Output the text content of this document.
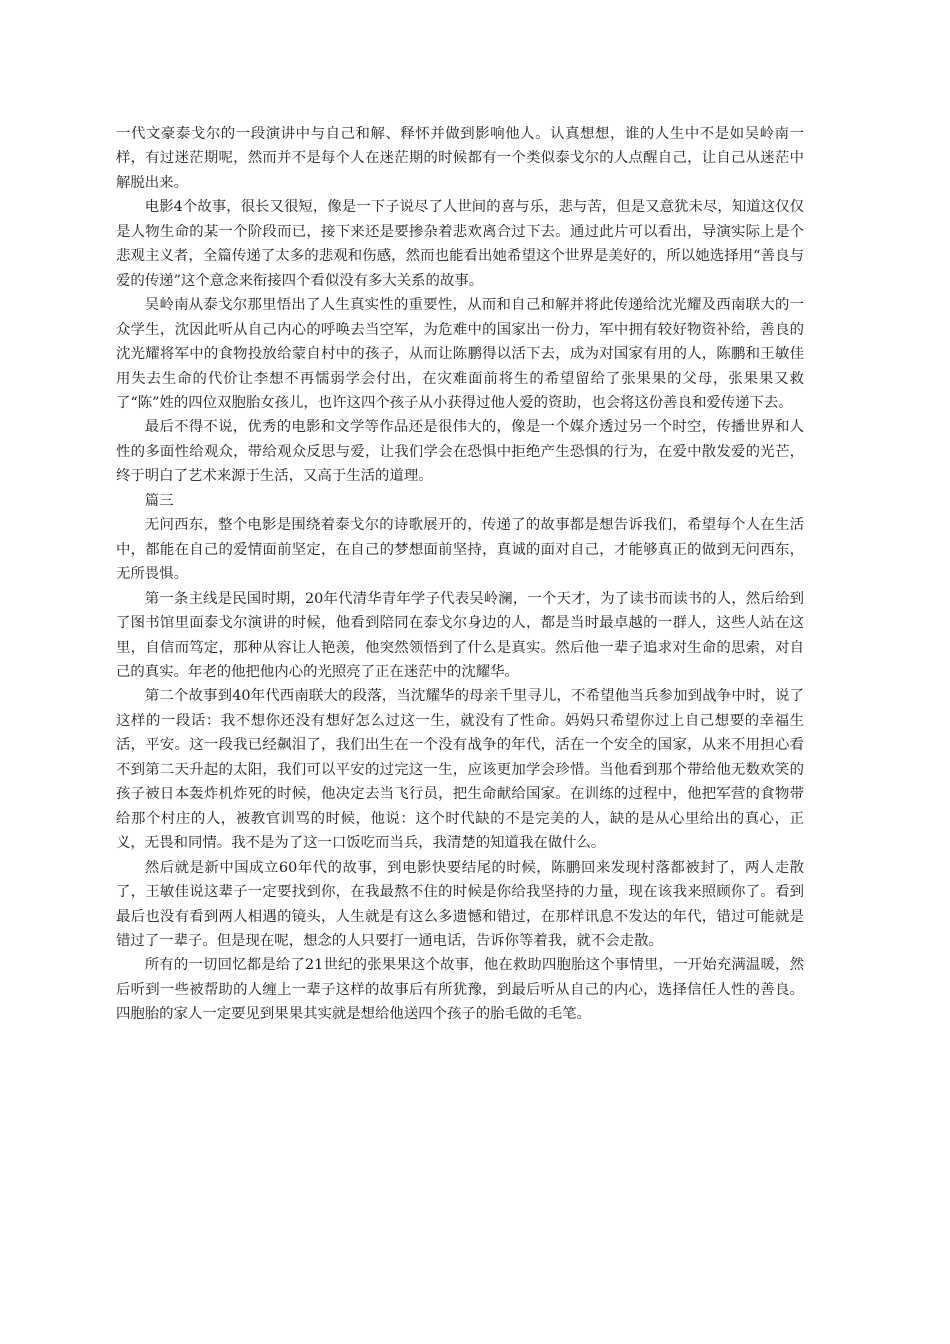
一代文豪泰戈尔的一段演讲中与自己和解、释怀并做到影响他人。认真想想，谁的人生中不是如吴岭南一样，有过迷茫期呢，然而并不是每个人在迷茫期的时候都有一个类似泰戈尔的人点醒自己，让自己从迷茫中解脱出来。

电影4个故事，很长又很短，像是一下子说尽了人世间的喜与乐，悲与苦，但是又意犹未尽，知道这仅仅是人物生命的某一个阶段而已，接下来还是要掺杂着悲欢离合过下去。通过此片可以看出，导演实际上是个悲观主义者，全篇传递了太多的悲观和伤感，然而也能看出她希望这个世界是美好的，所以她选择用“善良与爱的传递”这个意念来衔接四个看似没有多大关系的故事。

吴岭南从泰戈尔那里悟出了人生真实性的重要性，从而和自己和解并将此传递给沈光耀及西南联大的一众学生，沈因此听从自己内心的呼唤去当空军，为危难中的国家出一份力，军中拥有较好物资补给，善良的沈光耀将军中的食物投放给蒙自村中的孩子，从而让陈鹏得以活下去，成为对国家有用的人，陈鹏和王敏佳用失去生命的代价让李想不再懦弱学会付出，在灾难面前将生的希望留给了张果果的父母，张果果又救了“陈”姓的四位双胞胎女孩儿，也许这四个孩子从小获得过他人爱的资助，也会将这份善良和爱传递下去。

最后不得不说，优秀的电影和文学等作品还是很伟大的，像是一个媒介透过另一个时空，传播世界和人性的多面性给观众，带给观众反思与爱，让我们学会在恐惧中拒绝产生恐惧的行为，在爱中散发爱的光芒，终于明白了艺术来源于生活，又高于生活的道理。

篇三

无问西东，整个电影是围绕着泰戈尔的诗歌展开的，传递了的故事都是想告诉我们，希望每个人在生活中，都能在自己的爱情面前坚定，在自己的梦想面前坚持，真诚的面对自己，才能够真正的做到无问西东，无所畏惧。

第一条主线是民国时期，20年代清华青年学子代表吴岭澜，一个天才，为了读书而读书的人，然后给到了图书馆里面泰戈尔演讲的时候，他看到陪同在泰戈尔身边的人，都是当时最卓越的一群人，这些人站在这里，自信而笃定，那种从容让人艳羡，他突然领悟到了什么是真实。然后他一辈子追求对生命的思索，对自己的真实。年老的他把他内心的光照亮了正在迷茫中的沈耀华。

第二个故事到40年代西南联大的段落，当沈耀华的母亲千里寻儿，不希望他当兵参加到战争中时，说了这样的一段话：我不想你还没有想好怎么过这一生，就没有了性命。妈妈只希望你过上自己想要的幸福生活，平安。这一段我已经飙泪了，我们出生在一个没有战争的年代，活在一个安全的国家，从来不用担心看不到第二天升起的太阳，我们可以平安的过完这一生，应该更加学会珍惜。当他看到那个带给他无数欢笑的孩子被日本轰炸机炸死的时候，他决定去当飞行员，把生命献给国家。在训练的过程中，他把军营的食物带给那个村庄的人，被教官训骂的时候，他说：这个时代缺的不是完美的人，缺的是从心里给出的真心，正义，无畏和同情。我不是为了这一口饭吃而当兵，我清楚的知道我在做什么。

然后就是新中国成立60年代的故事，到电影快要结尾的时候，陈鹏回来发现村落都被封了，两人走散了，王敏佳说这辈子一定要找到你，在我最熬不住的时候是你给我坚持的力量，现在该我来照顾你了。看到最后也没有看到两人相遇的镜头，人生就是有这么多遗憾和错过，在那样讯息不发达的年代，错过可能就是错过了一辈子。但是现在呢，想念的人只要打一通电话，告诉你等着我，就不会走散。

所有的一切回忆都是给了21世纪的张果果这个故事，他在救助四胞胎这个事情里，一开始充满温暖，然后听到一些被帮助的人缠上一辈子这样的故事后有所犹豫，到最后听从自己的内心，选择信任人性的善良。四胞胎的家人一定要见到果果其实就是想给他送四个孩子的胎毛做的毛笔。
